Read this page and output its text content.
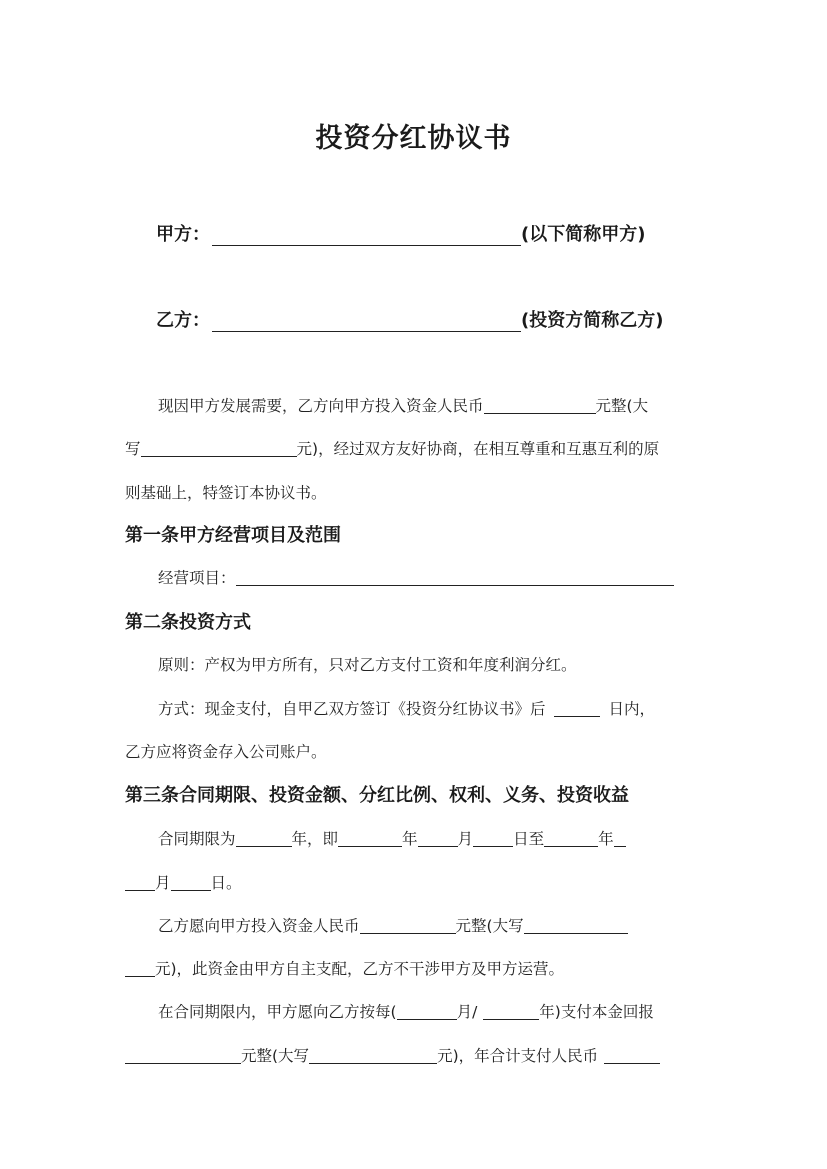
投资分红协议书
甲方：	(以下简称甲方)
乙方：	(投资方简称乙方)
现因甲方发展需要，乙方向甲方投入资金人民币	元整(大
写	元)，经过双方友好协商，在相互尊重和互惠互利的原
则基础上，特签订本协议书。
第一条甲方经营项目及范围
经营项目：
第二条投资方式
原则：产权为甲方所有，只对乙方支付工资和年度利润分红。
方式：现金支付，自甲乙双方签订《投资分红协议书》后	日内，
乙方应将资金存入公司账户。
第三条合同期限、投资金额、分红比例、权利、义务、投资收益
合同期限为	年，即	年	月	日至	年
月	日。
乙方愿向甲方投入资金人民币	元整(大写
元)，此资金由甲方自主支配，乙方不干涉甲方及甲方运营。
在合同期限内，甲方愿向乙方按每(	月/	年)支付本金回报
元整(大写	元)，年合计支付人民币
